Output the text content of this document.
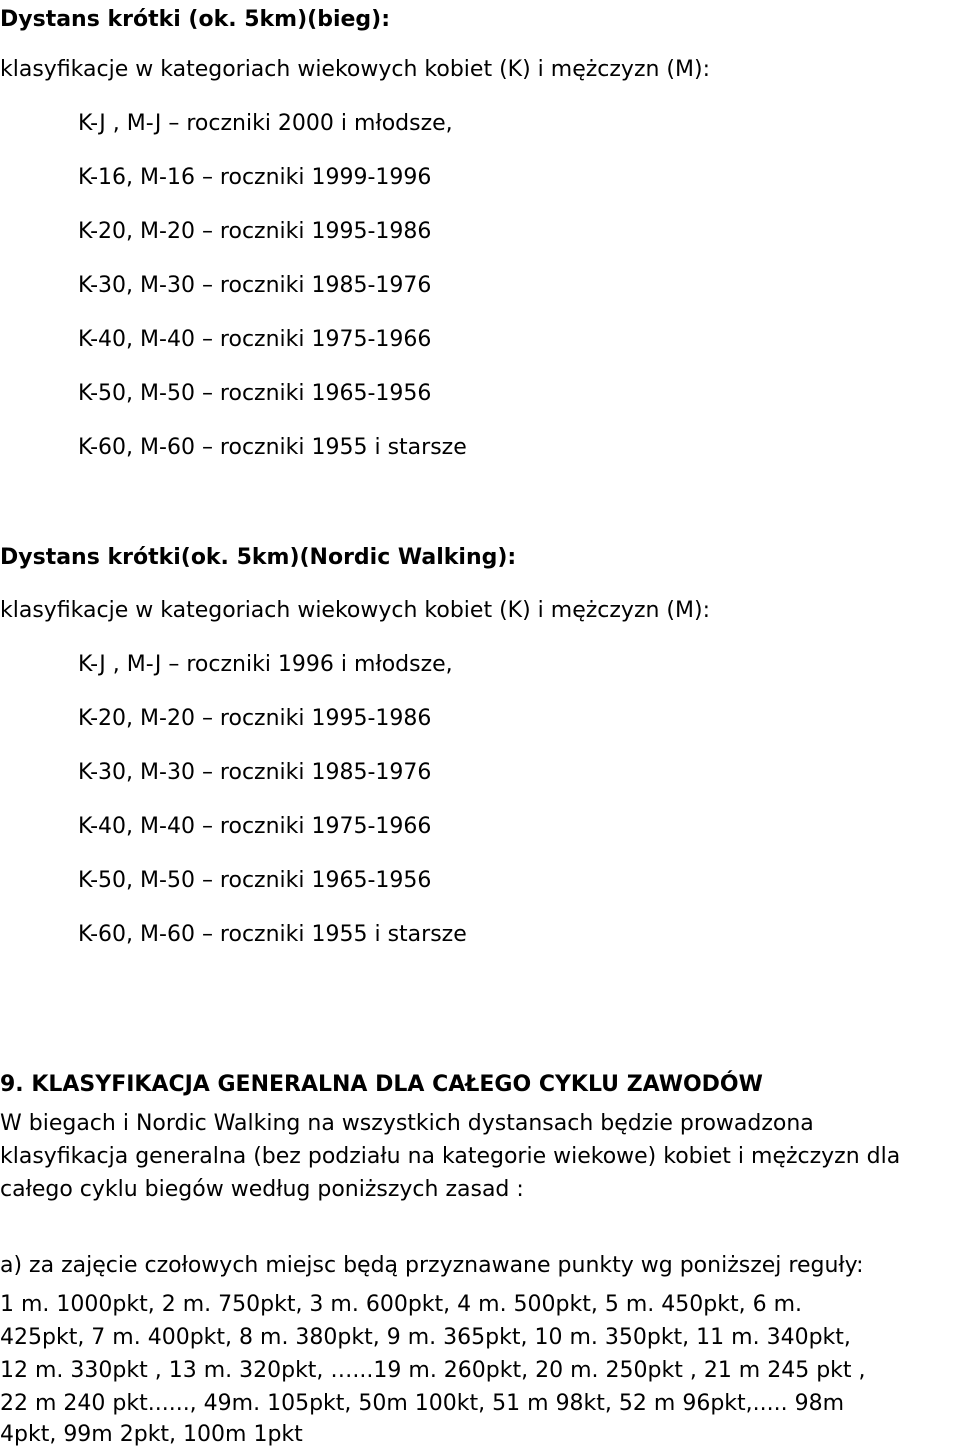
Dystans krótki (ok. 5km)(bieg):
klasyfikacje w kategoriach wiekowych kobiet (K) i mężczyzn (M):
K-J , M-J – roczniki 2000 i młodsze,
K-16, M-16 – roczniki 1999-1996
K-20, M-20 – roczniki 1995-1986
K-30, M-30 – roczniki 1985-1976
K-40, M-40 – roczniki 1975-1966
K-50, M-50 – roczniki 1965-1956
K-60, M-60 – roczniki 1955 i starsze
Dystans krótki(ok. 5km)(Nordic Walking):
klasyfikacje w kategoriach wiekowych kobiet (K) i mężczyzn (M):
K-J , M-J – roczniki 1996 i młodsze,
K-20, M-20 – roczniki 1995-1986
K-30, M-30 – roczniki 1985-1976
K-40, M-40 – roczniki 1975-1966
K-50, M-50 – roczniki 1965-1956
K-60, M-60 – roczniki 1955 i starsze
9. KLASYFIKACJA GENERALNA DLA CAŁEGO CYKLU ZAWODÓW
W biegach i Nordic Walking na wszystkich dystansach będzie prowadzona
klasyfikacja generalna (bez podziału na kategorie wiekowe) kobiet i mężczyzn dla
całego cyklu biegów według poniższych zasad :
a) za zajęcie czołowych miejsc będą przyznawane punkty wg poniższej reguły:
1 m. 1000pkt, 2 m. 750pkt, 3 m. 600pkt, 4 m. 500pkt, 5 m. 450pkt, 6 m.
425pkt, 7 m. 400pkt, 8 m. 380pkt, 9 m. 365pkt, 10 m. 350pkt, 11 m. 340pkt,
12 m. 330pkt , 13 m. 320pkt, …...19 m. 260pkt, 20 m. 250pkt , 21 m 245 pkt ,
22 m 240 pkt......, 49m. 105pkt, 50m 100kt, 51 m 98kt, 52 m 96pkt,..... 98m
4pkt, 99m 2pkt, 100m 1pkt
